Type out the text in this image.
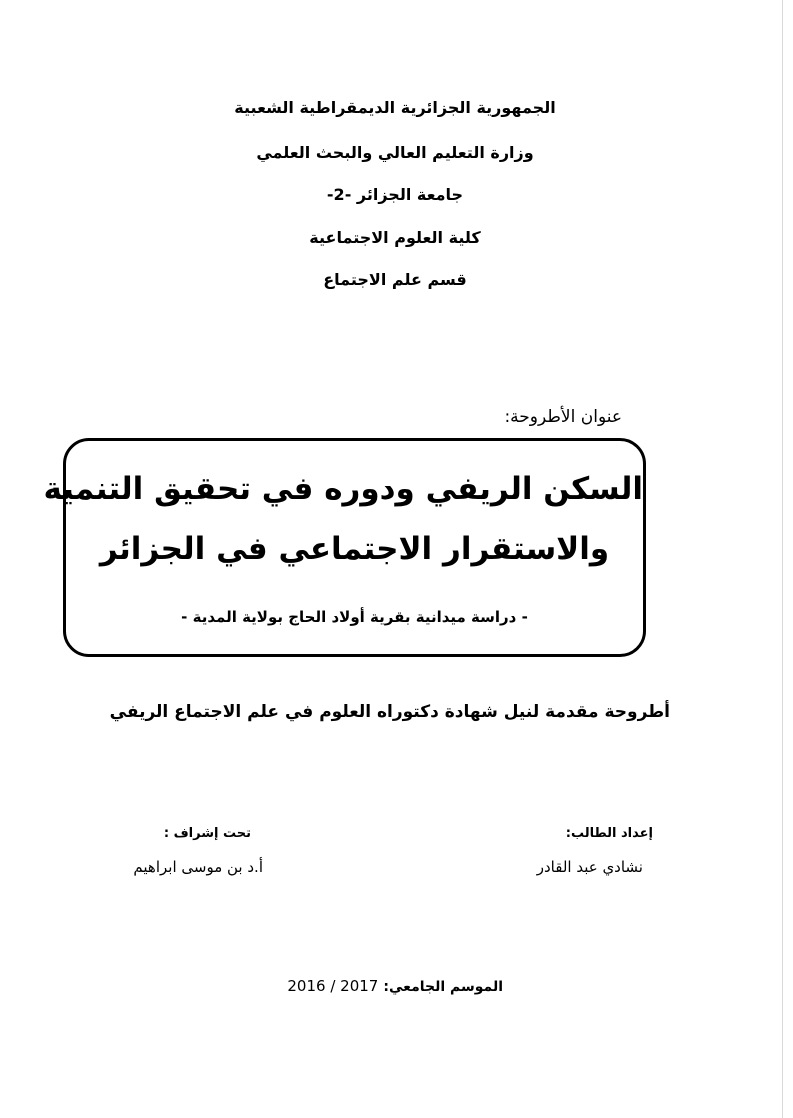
الجمهورية الجزائرية الديمقراطية الشعبية
وزارة التعليم العالي والبحث العلمي
جامعة الجزائر -2-
كلية العلوم الاجتماعية
قسم علم الاجتماع
عنوان الأطروحة:
السكن الريفي ودوره في تحقيق التنمية
والاستقرار الاجتماعي في الجزائر
- دراسة ميدانية بقرية أولاد الحاج بولاية المدية -
أطروحة مقدمة لنيل شهادة دكتوراه العلوم في علم الاجتماع الريفي
إعداد الطالب:
نشادي عبد القادر
تحت إشراف :
أ.د بن موسى ابراهيم
الموسم الجامعي: 2016 / 2017
